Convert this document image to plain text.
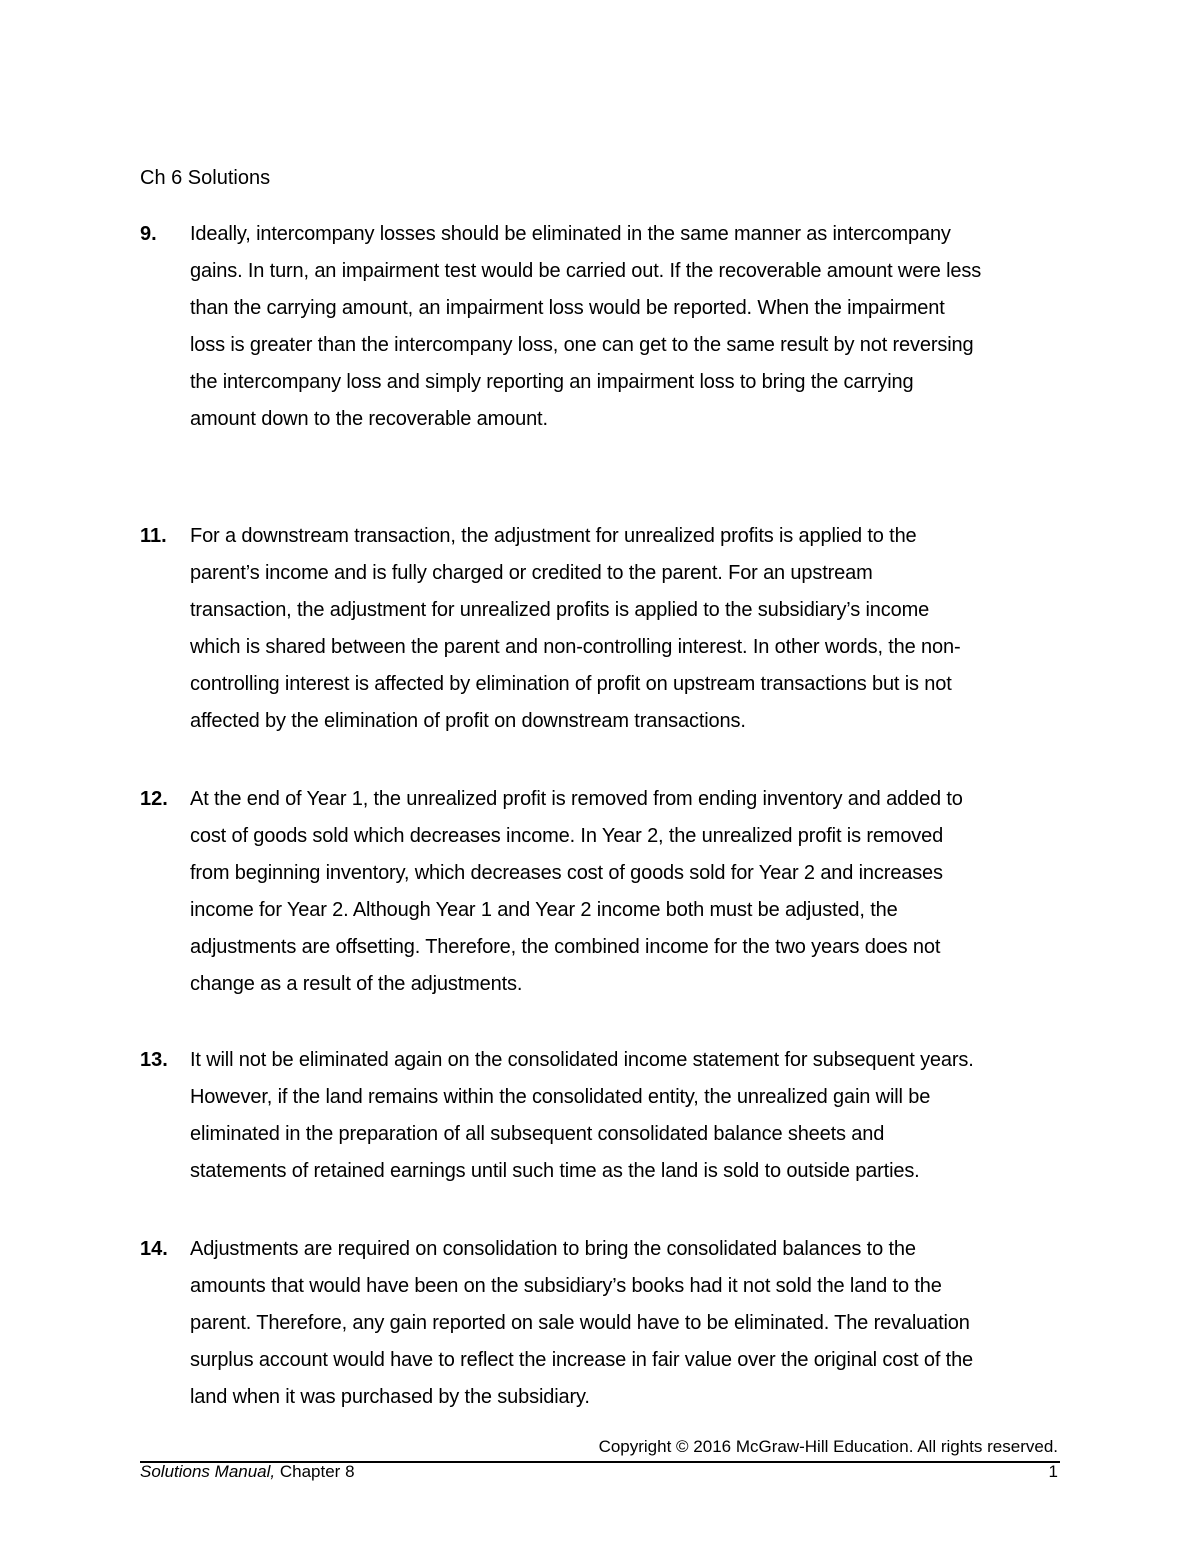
Ch 6 Solutions
9. Ideally, intercompany losses should be eliminated in the same manner as intercompany
gains. In turn, an impairment test would be carried out. If the recoverable amount were less
than the carrying amount, an impairment loss would be reported. When the impairment
loss is greater than the intercompany loss, one can get to the same result by not reversing
the intercompany loss and simply reporting an impairment loss to bring the carrying
amount down to the recoverable amount.
11. For a downstream transaction, the adjustment for unrealized profits is applied to the
parent’s income and is fully charged or credited to the parent. For an upstream
transaction, the adjustment for unrealized profits is applied to the subsidiary’s income
which is shared between the parent and non-controlling interest. In other words, the non-
controlling interest is affected by elimination of profit on upstream transactions but is not
affected by the elimination of profit on downstream transactions.
12. At the end of Year 1, the unrealized profit is removed from ending inventory and added to
cost of goods sold which decreases income. In Year 2, the unrealized profit is removed
from beginning inventory, which decreases cost of goods sold for Year 2 and increases
income for Year 2. Although Year 1 and Year 2 income both must be adjusted, the
adjustments are offsetting. Therefore, the combined income for the two years does not
change as a result of the adjustments.
13. It will not be eliminated again on the consolidated income statement for subsequent years.
However, if the land remains within the consolidated entity, the unrealized gain will be
eliminated in the preparation of all subsequent consolidated balance sheets and
statements of retained earnings until such time as the land is sold to outside parties.
14. Adjustments are required on consolidation to bring the consolidated balances to the
amounts that would have been on the subsidiary’s books had it not sold the land to the
parent. Therefore, any gain reported on sale would have to be eliminated. The revaluation
surplus account would have to reflect the increase in fair value over the original cost of the
land when it was purchased by the subsidiary.
Copyright © 2016 McGraw-Hill Education. All rights reserved.
Solutions Manual, Chapter 8	1
